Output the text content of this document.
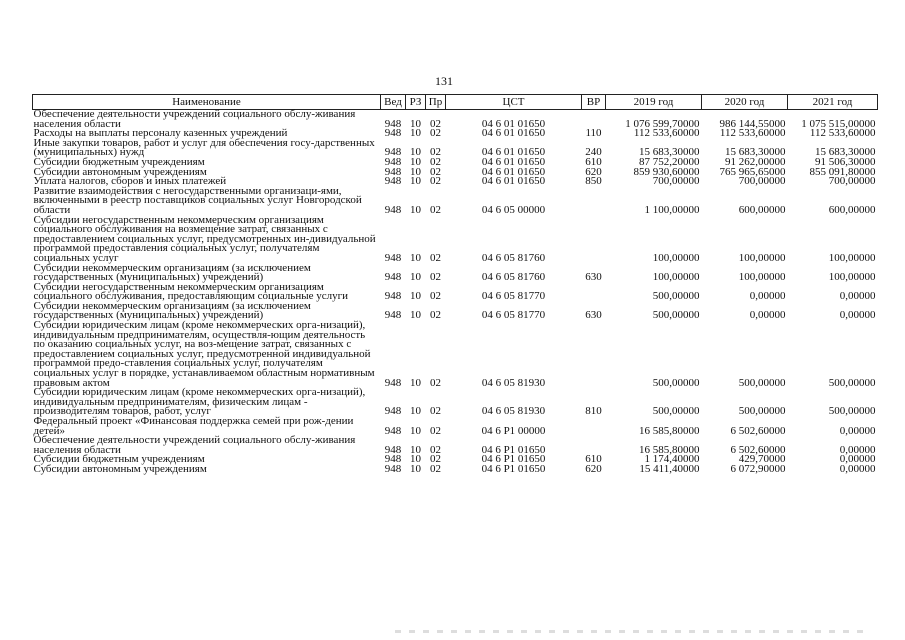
131
Наименование	Вед	РЗ	Пр	ЦСТ	ВР	2019 год	2020 год	2021 год
Обеспечение деятельности учреждений социального обслу-живания населения области	948	10	02	04 6 01 01650		1 076 599,70000	986 144,55000	1 075 515,00000
Расходы на выплаты персоналу казенных учреждений	948	10	02	04 6 01 01650	110	112 533,60000	112 533,60000	112 533,60000
Иные закупки товаров, работ и услуг для обеспечения госу-дарственных (муниципальных) нужд	948	10	02	04 6 01 01650	240	15 683,30000	15 683,30000	15 683,30000
Субсидии бюджетным учреждениям	948	10	02	04 6 01 01650	610	87 752,20000	91 262,00000	91 506,30000
Субсидии автономным учреждениям	948	10	02	04 6 01 01650	620	859 930,60000	765 965,65000	855 091,80000
Уплата налогов, сборов и иных платежей	948	10	02	04 6 01 01650	850	700,00000	700,00000	700,00000
Развитие взаимодействия с негосударственными организаци-ями, включенными в реестр поставщиков социальных услуг Новгородской области	948	10	02	04 6 05 00000		1 100,00000	600,00000	600,00000
Субсидии негосударственным некоммерческим организациям социального обслуживания на возмещение затрат, связанных с предоставлением социальных услуг, предусмотренных ин-дивидуальной программой предоставления социальных услуг, получателям социальных услуг	948	10	02	04 6 05 81760		100,00000	100,00000	100,00000
Субсидии некоммерческим организациям (за исключением государственных (муниципальных) учреждений)	948	10	02	04 6 05 81760	630	100,00000	100,00000	100,00000
Субсидии негосударственным некоммерческим организациям социального обслуживания, предоставляющим социальные услуги	948	10	02	04 6 05 81770		500,00000	0,00000	0,00000
Субсидии некоммерческим организациям (за исключением государственных (муниципальных) учреждений)	948	10	02	04 6 05 81770	630	500,00000	0,00000	0,00000
Субсидии юридическим лицам (кроме некоммерческих орга-низаций), индивидуальным предпринимателям, осуществля-ющим деятельность по оказанию социальных услуг, на воз-мещение затрат, связанных с предоставлением социальных услуг, предусмотренной индивидуальной программой предо-ставления социальных услуг, получателям социальных услуг в порядке, устанавливаемом областным нормативным правовым актом	948	10	02	04 6 05 81930		500,00000	500,00000	500,00000
Субсидии юридическим лицам (кроме некоммерческих орга-низаций), индивидуальным предпринимателям, физическим лицам - производителям товаров, работ, услуг	948	10	02	04 6 05 81930	810	500,00000	500,00000	500,00000
Федеральный проект «Финансовая поддержка семей при рож-дении детей»	948	10	02	04 6 P1 00000		16 585,80000	6 502,60000	0,00000
Обеспечение деятельности учреждений социального обслу-живания населения области	948	10	02	04 6 P1 01650		16 585,80000	6 502,60000	0,00000
Субсидии бюджетным учреждениям	948	10	02	04 6 P1 01650	610	1 174,40000	429,70000	0,00000
Субсидии автономным учреждениям	948	10	02	04 6 P1 01650	620	15 411,40000	6 072,90000	0,00000
